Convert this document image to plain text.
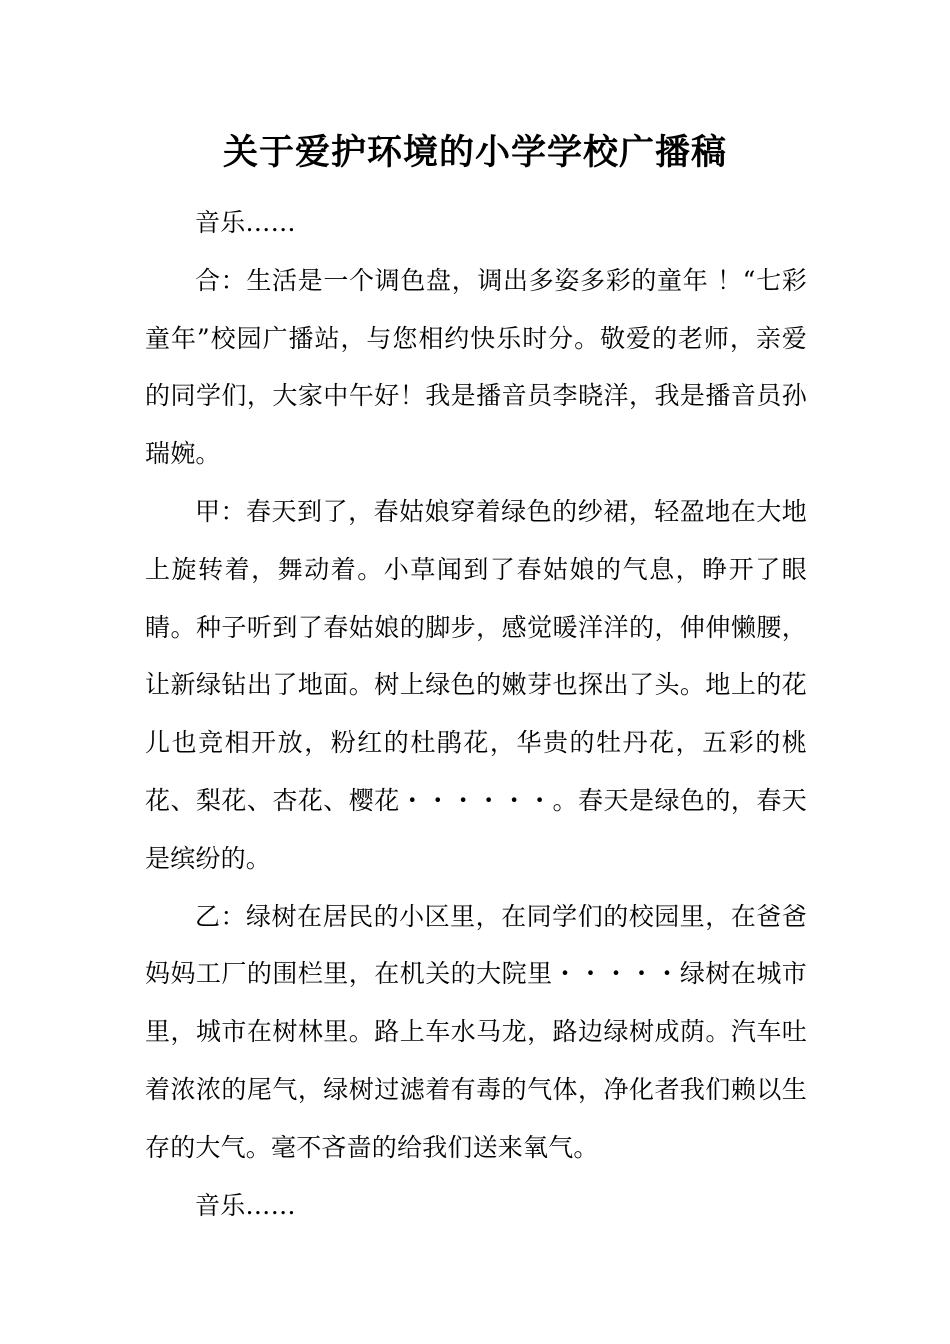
关于爱护环境的小学学校广播稿

音乐……

合：生活是一个调色盘，调出多姿多彩的童年 ！“七彩童年”校园广播站，与您相约快乐时分。敬爱的老师，亲爱的同学们，大家中午好！我是播音员李晓洋，我是播音员孙瑞婉。

甲：春天到了，春姑娘穿着绿色的纱裙，轻盈地在大地上旋转着，舞动着。小草闻到了春姑娘的气息，睁开了眼睛。种子听到了春姑娘的脚步，感觉暖洋洋的，伸伸懒腰，让新绿钻出了地面。树上绿色的嫩芽也探出了头。地上的花儿也竞相开放，粉红的杜鹃花，华贵的牡丹花，五彩的桃花、梨花、杏花、樱花・・・・・・。春天是绿色的，春天是缤纷的。

乙：绿树在居民的小区里，在同学们的校园里，在爸爸妈妈工厂的围栏里，在机关的大院里・・・・・绿树在城市里，城市在树林里。路上车水马龙，路边绿树成荫。汽车吐着浓浓的尾气，绿树过滤着有毒的气体，净化者我们赖以生存的大气。毫不吝啬的给我们送来氧气。

音乐……
